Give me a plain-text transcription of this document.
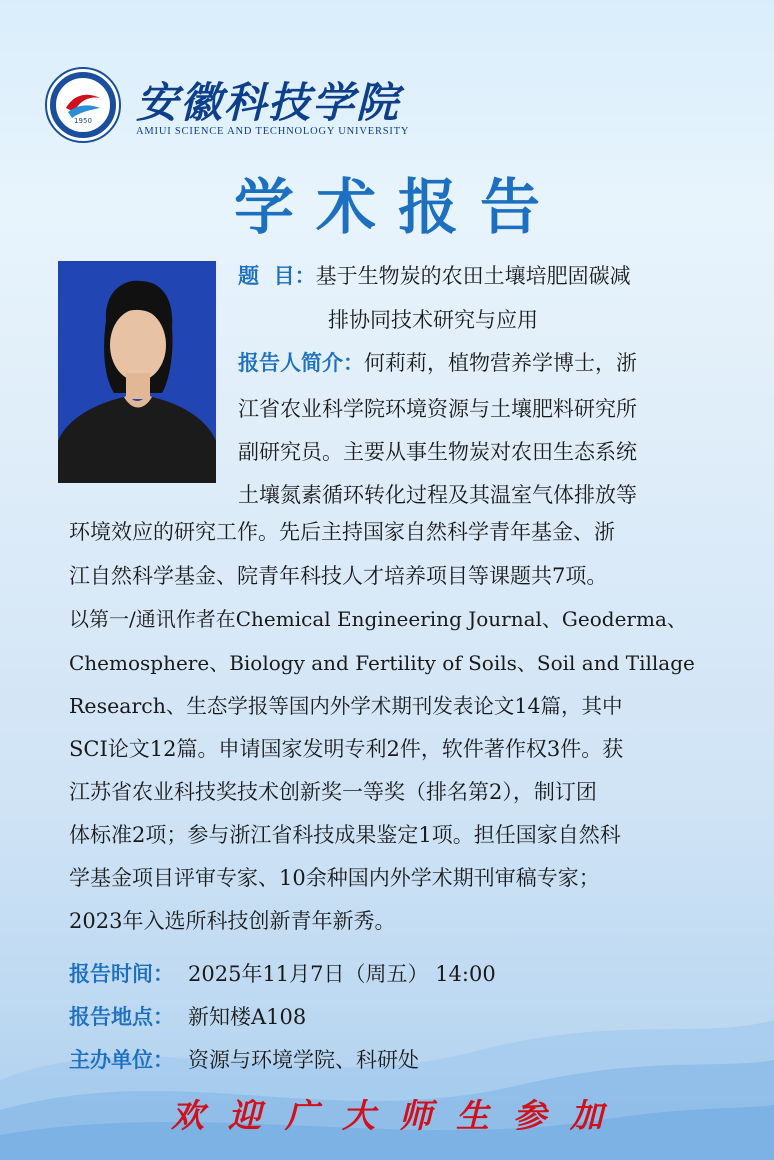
1950 安徽科技学院
AMIUI SCIENCE AND TECHNOLOGY UNIVERSITY
学术报告
题  目：基于生物炭的农田土壤培肥固碳减
排协同技术研究与应用
报告人简介：何莉莉，植物营养学博士，浙
江省农业科学院环境资源与土壤肥料研究所
副研究员。主要从事生物炭对农田生态系统
土壤氮素循环转化过程及其温室气体排放等
环境效应的研究工作。先后主持国家自然科学青年基金、浙
江自然科学基金、院青年科技人才培养项目等课题共7项。
以第一/通讯作者在Chemical Engineering Journal、Geoderma、
Chemosphere、Biology and Fertility of Soils、Soil and Tillage
Research、生态学报等国内外学术期刊发表论文14篇，其中
SCI论文12篇。申请国家发明专利2件，软件著作权3件。获
江苏省农业科技奖技术创新奖一等奖（排名第2），制订团
体标准2项；参与浙江省科技成果鉴定1项。担任国家自然科
学基金项目评审专家、10余种国内外学术期刊审稿专家；
2023年入选所科技创新青年新秀。
报告时间： 2025年11月7日（周五） 14:00
报告地点： 新知楼A108
主办单位： 资源与环境学院、科研处
欢迎广大师生参加
